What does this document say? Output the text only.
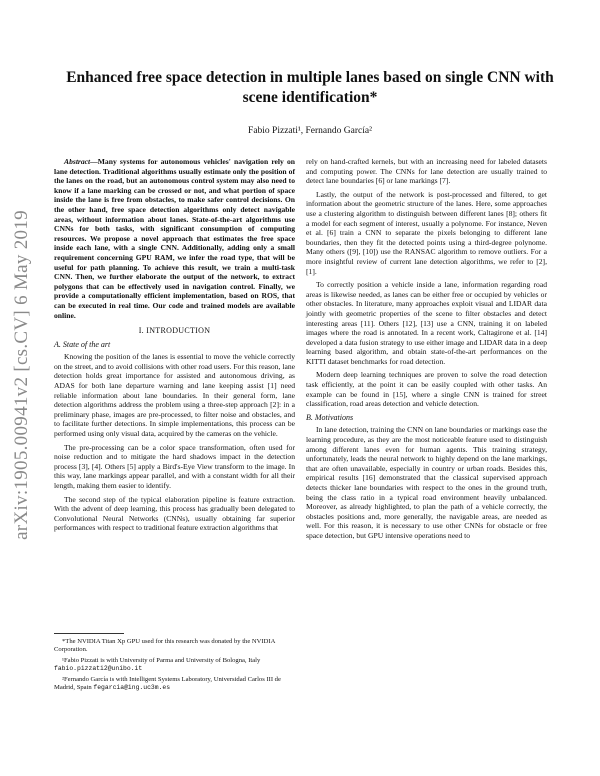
arXiv:1905.00941v2 [cs.CV] 6 May 2019
Enhanced free space detection in multiple lanes based on single CNN with scene identification*
Fabio Pizzati¹, Fernando García²

Abstract—Many systems for autonomous vehicles' navigation rely on lane detection. Traditional algorithms usually estimate only the position of the lanes on the road, but an autonomous control system may also need to know if a lane marking can be crossed or not, and what portion of space inside the lane is free from obstacles, to make safer control decisions. On the other hand, free space detection algorithms only detect navigable areas, without information about lanes. State-of-the-art algorithms use CNNs for both tasks, with significant consumption of computing resources. We propose a novel approach that estimates the free space inside each lane, with a single CNN. Additionally, adding only a small requirement concerning GPU RAM, we infer the road type, that will be useful for path planning. To achieve this result, we train a multi-task CNN. Then, we further elaborate the output of the network, to extract polygons that can be effectively used in navigation control. Finally, we provide a computationally efficient implementation, based on ROS, that can be executed in real time. Our code and trained models are available online.

I. INTRODUCTION
A. State of the art

Knowing the position of the lanes is essential to move the vehicle correctly on the street, and to avoid collisions with other road users. For this reason, lane detection holds great importance for assisted and autonomous driving, as ADAS for both lane departure warning and lane keeping assist [1] need reliable information about lane boundaries. In their general form, lane detection algorithms address the problem using a three-step approach [2]: in a preliminary phase, images are pre-processed, to filter noise and obstacles, and to facilitate further detections. In simple implementations, this process can be performed using only visual data, acquired by the cameras on the vehicle.

The pre-processing can be a color space transformation, often used for noise reduction and to mitigate the hard shadows impact in the detection process [3], [4]. Others [5] apply a Bird's-Eye View transform to the image. In this way, lane markings appear parallel, and with a constant width for all their length, making them easier to identify.

The second step of the typical elaboration pipeline is feature extraction. With the advent of deep learning, this process has gradually been delegated to Convolutional Neural Networks (CNNs), usually obtaining far superior performances with respect to traditional feature extraction algorithms that

*The NVIDIA Titan Xp GPU used for this research was donated by the NVIDIA Corporation.
¹Fabio Pizzati is with University of Parma and University of Bologna, Italy fabio.pizzati2@unibo.it
²Fernando García is with Intelligent Systems Laboratory, Universidad Carlos III de Madrid, Spain fegarcia@ing.uc3m.es

rely on hand-crafted kernels, but with an increasing need for labeled datasets and computing power. The CNNs for lane detection are usually trained to detect lane boundaries [6] or lane markings [7].

Lastly, the output of the network is post-processed and filtered, to get information about the geometric structure of the lanes. Here, some approaches use a clustering algorithm to distinguish between different lanes [8]; others fit a model for each segment of interest, usually a polynome. For instance, Neven et al. [6] train a CNN to separate the pixels belonging to different lane boundaries, then they fit the detected points using a third-degree polynome. Many others ([9], [10]) use the RANSAC algorithm to remove outliers. For a more insightful review of current lane detection algorithms, we refer to [2], [1].

To correctly position a vehicle inside a lane, information regarding road areas is likewise needed, as lanes can be either free or occupied by vehicles or other obstacles. In literature, many approaches exploit visual and LIDAR data jointly with geometric properties of the scene to filter obstacles and detect interesting areas [11]. Others [12], [13] use a CNN, training it on labeled images where the road is annotated. In a recent work, Caltagirone et al. [14] developed a data fusion strategy to use either image and LIDAR data in a deep learning based algorithm, and obtain state-of-the-art performances on the KITTI dataset benchmarks for road detection.

Modern deep learning techniques are proven to solve the road detection task efficiently, at the point it can be easily coupled with other tasks. An example can be found in [15], where a single CNN is trained for street classification, road areas detection and vehicle detection.

B. Motivations

In lane detection, training the CNN on lane boundaries or markings ease the learning procedure, as they are the most noticeable feature used to distinguish among different lanes even for human agents. This training strategy, unfortunately, leads the neural network to highly depend on the lane markings, that are often unavailable, especially in country or urban roads. Besides this, empirical results [16] demonstrated that the classical supervised approach detects thicker lane boundaries with respect to the ones in the ground truth, being the class ratio in a typical road environment heavily unbalanced. Moreover, as already highlighted, to plan the path of a vehicle correctly, the obstacles positions and, more generally, the navigable areas, are needed as well. For this reason, it is necessary to use other CNNs for obstacle or free space detection, but GPU intensive operations need to
